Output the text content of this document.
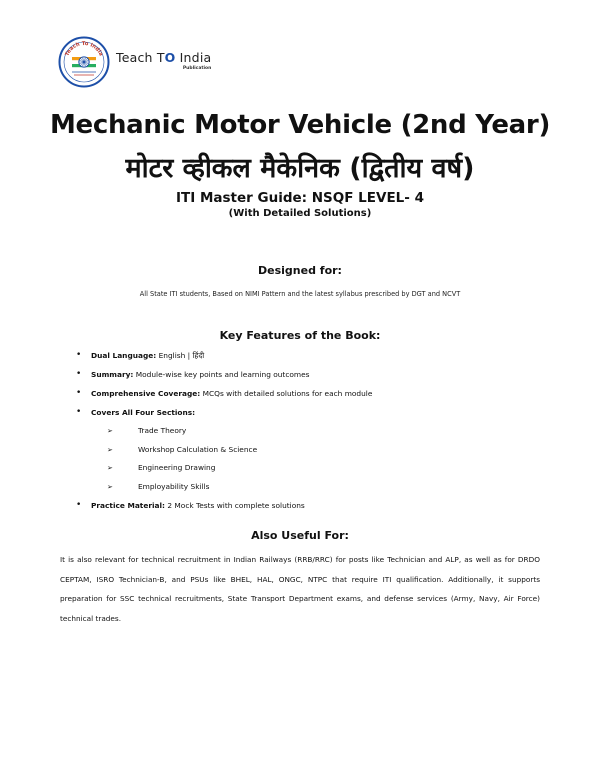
Teach To India Teach TO India
Publication
Mechanic Motor Vehicle (2nd Year)
मोटर व्हीकल मैकेनिक (द्वितीय वर्ष)
ITI Master Guide: NSQF LEVEL- 4
(With Detailed Solutions)
Designed for:
All State ITI students, Based on NIMI Pattern and the latest syllabus prescribed by DGT and NCVT
Key Features of the Book:
• Dual Language: English | हिंदी
• Summary: Module-wise key points and learning outcomes
• Comprehensive Coverage: MCQs with detailed solutions for each module
• Covers All Four Sections:
➢ Trade Theory
➢ Workshop Calculation & Science
➢ Engineering Drawing
➢ Employability Skills
• Practice Material: 2 Mock Tests with complete solutions
Also Useful For:
It is also relevant for technical recruitment in Indian Railways (RRB/RRC) for posts like Technician and ALP, as well as for DRDO CEPTAM, ISRO Technician-B, and PSUs like BHEL, HAL, ONGC, NTPC that require ITI qualification. Additionally, it supports preparation for SSC technical recruitments, State Transport Department exams, and defense services (Army, Navy, Air Force) technical trades.
